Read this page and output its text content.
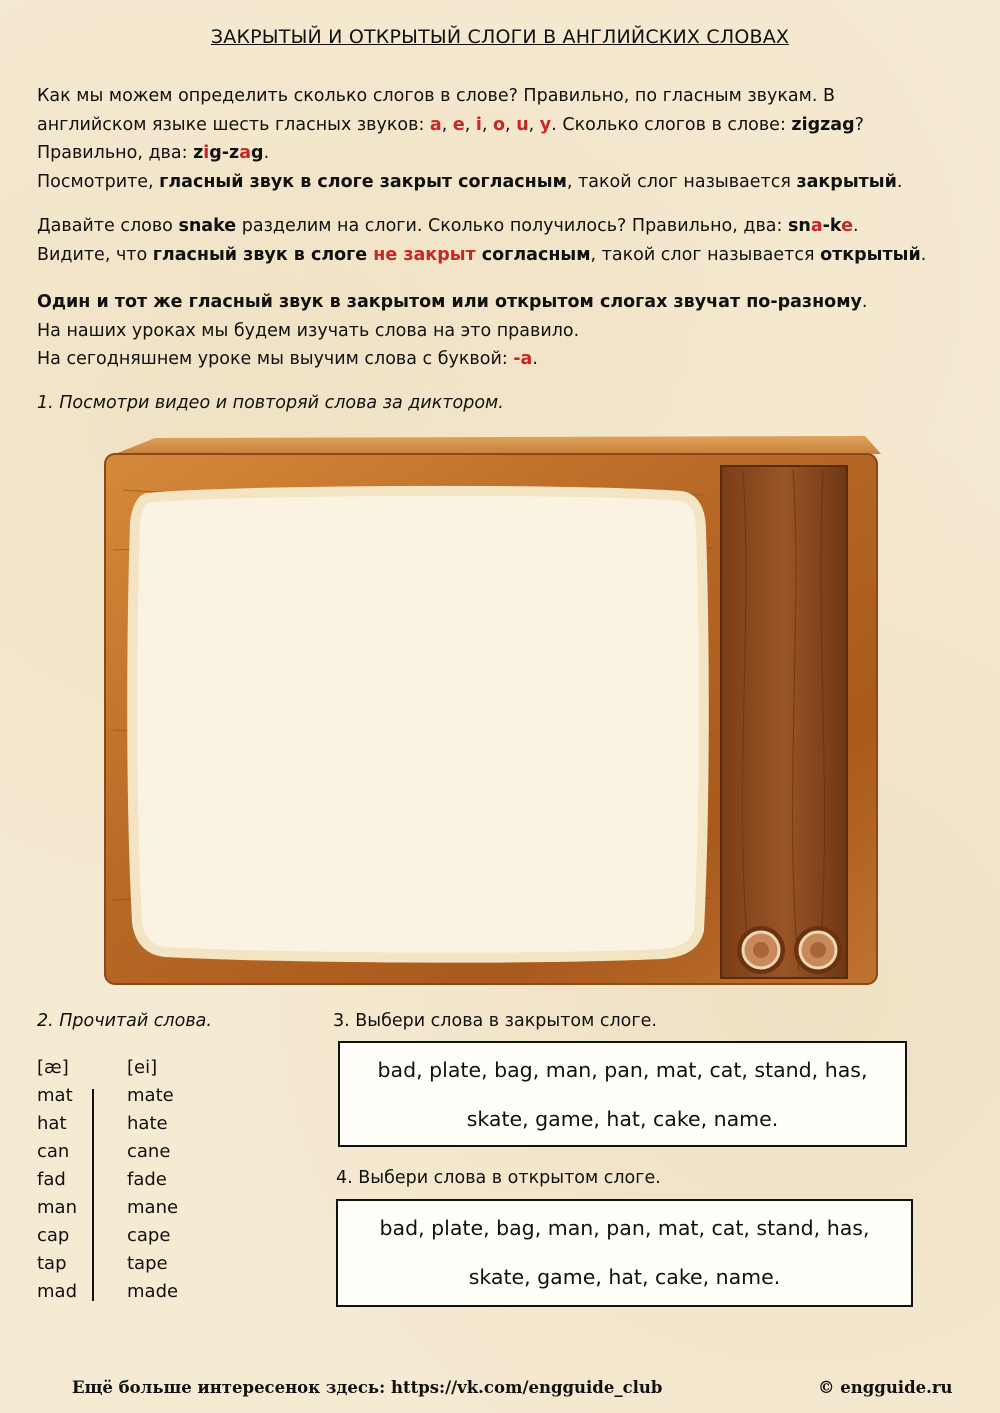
ЗАКРЫТЫЙ И ОТКРЫТЫЙ СЛОГИ В АНГЛИЙСКИХ СЛОВАХ
Как мы можем определить сколько слогов в слове? Правильно, по гласным звукам. В
английском языке шесть гласных звуков: a, e, i, o, u, y. Сколько слогов в слове: zigzag?
Правильно, два: zig-zag.
Посмотрите, гласный звук в слоге закрыт согласным, такой слог называется закрытый.
Давайте слово snake разделим на слоги. Сколько получилось? Правильно, два: sna-ke.
Видите, что гласный звук в слоге не закрыт согласным, такой слог называется открытый.
Один и тот же гласный звук в закрытом или открытом слогах звучат по-разному.
На наших уроках мы будем изучать слова на это правило.
На сегодняшнем уроке мы выучим слова с буквой: -a.
1. Посмотри видео и повторяй слова за диктором.
2. Прочитай слова.	3. Выбери слова в закрытом слоге.
[æ]
mat
hat
can
fad
man
cap
tap
mad
[ei]
mate
hate
cane
fade
mane
cape
tape
made
bad, plate, bag, man, pan, mat, cat, stand, has,
skate, game, hat, cake, name.
4. Выбери слова в открытом слоге.
bad, plate, bag, man, pan, mat, cat, stand, has,
skate, game, hat, cake, name.
Ещё больше интересенок здесь: https://vk.com/engguide_club	© engguide.ru
